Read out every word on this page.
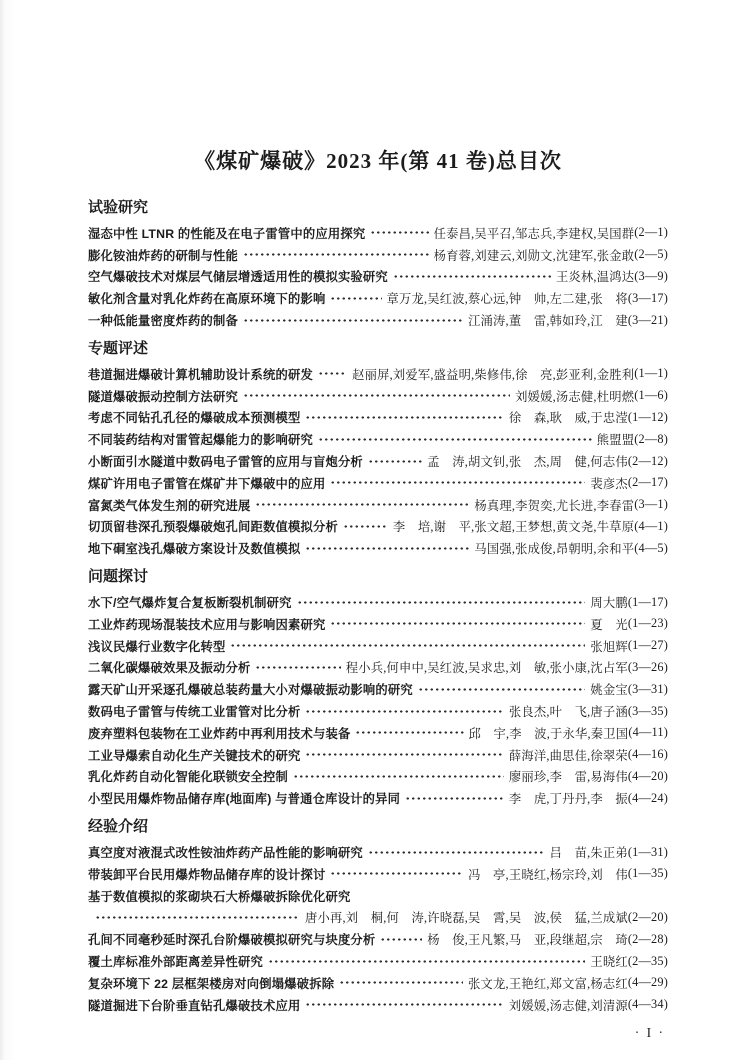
《煤矿爆破》2023 年(第 41 卷)总目次
试验研究
湿态中性 LTNR 的性能及在电子雷管中的应用探究	任泰昌,吴平召,邹志兵,李建权,吴国群 (2—1)
膨化铵油炸药的研制与性能	杨育蓉,刘建云,刘勋文,沈建军,张金敢 (2—5)
空气爆破技术对煤层气储层增透适用性的模拟实验研究	王炎林,温鸿达 (3—9)
敏化剂含量对乳化炸药在高原环境下的影响	章万龙,吴红波,蔡心远,钟　帅,左二建,张　将 (3—17)
一种低能量密度炸药的制备	江涌涛,董　雷,韩如玲,江　建 (3—21)
专题评述
巷道掘进爆破计算机辅助设计系统的研发	赵丽屏,刘爱军,盛益明,柴修伟,徐　亮,彭亚利,金胜利 (1—1)
隧道爆破振动控制方法研究	刘媛媛,汤志健,杜明燃 (1—6)
考虑不同钻孔孔径的爆破成本预测模型	徐　森,耿　威,于忠滢 (1—12)
不同装药结构对雷管起爆能力的影响研究	熊盟盟 (2—8)
小断面引水隧道中数码电子雷管的应用与盲炮分析	孟　涛,胡文钊,张　杰,周　健,何志伟 (2—12)
煤矿许用电子雷管在煤矿井下爆破中的应用	裴彦杰 (2—17)
富氮类气体发生剂的研究进展	杨真理,李贺奕,尤长进,李春雷 (3—1)
切顶留巷深孔预裂爆破炮孔间距数值模拟分析	李　培,谢　平,张文超,王梦想,黄文尧,牛草原 (4—1)
地下硐室浅孔爆破方案设计及数值模拟	马国强,张成俊,昂朝明,余和平 (4—5)
问题探讨
水下/空气爆炸复合复板断裂机制研究	周大鹏 (1—17)
工业炸药现场混装技术应用与影响因素研究	夏　光 (1—23)
浅议民爆行业数字化转型	张旭辉 (1—27)
二氧化碳爆破效果及振动分析	程小兵,何申中,吴红波,吴求忠,刘　敏,张小康,沈占军 (3—26)
露天矿山开采逐孔爆破总装药量大小对爆破振动影响的研究	姚金宝 (3—31)
数码电子雷管与传统工业雷管对比分析	张良杰,叶　飞,唐子涵 (3—35)
废弃塑料包装物在工业炸药中再利用技术与装备	邱　宇,李　波,于永华,秦卫国 (4—11)
工业导爆索自动化生产关键技术的研究	薛海洋,曲思佳,徐翠荣 (4—16)
乳化炸药自动化智能化联锁安全控制	廖丽珍,李　雷,易海伟 (4—20)
小型民用爆炸物品储存库(地面库) 与普通仓库设计的异同	李　虎,丁丹丹,李　振 (4—24)
经验介绍
真空度对液混式改性铵油炸药产品性能的影响研究	吕　苗,朱正弟 (1—31)
带装卸平台民用爆炸物品储存库的设计探讨	冯　亭,王晓红,杨宗玲,刘　伟 (1—35)
基于数值模拟的浆砌块石大桥爆破拆除优化研究
唐小再,刘　桐,何　涛,许晓磊,吴　霄,吴　波,侯　猛,兰成斌 (2—20)
孔间不同毫秒延时深孔台阶爆破模拟研究与块度分析	杨　俊,王凡繁,马　亚,段继超,宗　琦 (2—28)
覆土库标准外部距离差异性研究	王晓红 (2—35)
复杂环境下 22 层框架楼房对向倒塌爆破拆除	张文龙,王艳红,郑文富,杨志红 (4—29)
隧道掘进下台阶垂直钻孔爆破技术应用	刘媛媛,汤志健,刘清源 (4—34)
· I ·
